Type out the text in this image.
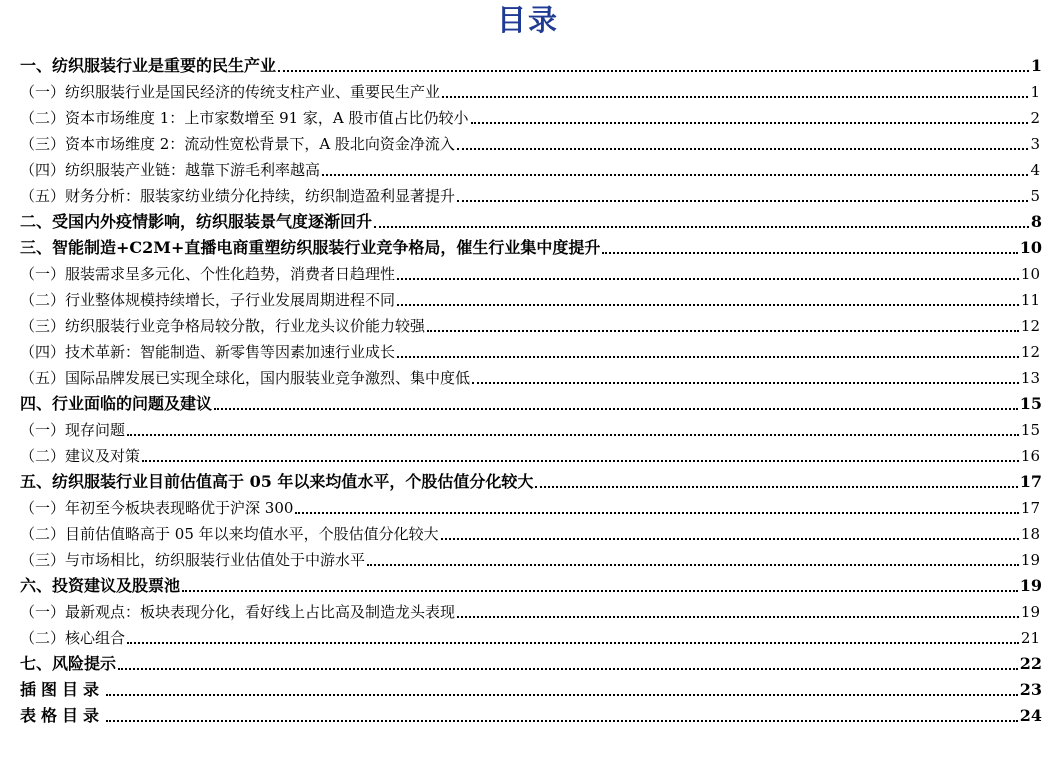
目录
一、纺织服装行业是重要的民生产业	1
（一）纺织服装行业是国民经济的传统支柱产业、重要民生产业	1
（二）资本市场维度 1：上市家数增至 91 家，A 股市值占比仍较小	2
（三）资本市场维度 2：流动性宽松背景下，A 股北向资金净流入	3
（四）纺织服装产业链：越靠下游毛利率越高	4
（五）财务分析：服装家纺业绩分化持续，纺织制造盈利显著提升	5
二、受国内外疫情影响，纺织服装景气度逐渐回升	8
三、智能制造+C2M+直播电商重塑纺织服装行业竞争格局，催生行业集中度提升	10
（一）服装需求呈多元化、个性化趋势，消费者日趋理性	10
（二）行业整体规模持续增长，子行业发展周期进程不同	11
（三）纺织服装行业竞争格局较分散，行业龙头议价能力较强	12
（四）技术革新：智能制造、新零售等因素加速行业成长	12
（五）国际品牌发展已实现全球化，国内服装业竞争激烈、集中度低	13
四、行业面临的问题及建议	15
（一）现存问题	15
（二）建议及对策	16
五、纺织服装行业目前估值高于 05 年以来均值水平，个股估值分化较大	17
（一）年初至今板块表现略优于沪深 300	17
（二）目前估值略高于 05 年以来均值水平，个股估值分化较大	18
（三）与市场相比，纺织服装行业估值处于中游水平	19
六、投资建议及股票池	19
（一）最新观点：板块表现分化，看好线上占比高及制造龙头表现	19
（二）核心组合	21
七、风险提示	22
插图目录	23
表格目录	24
